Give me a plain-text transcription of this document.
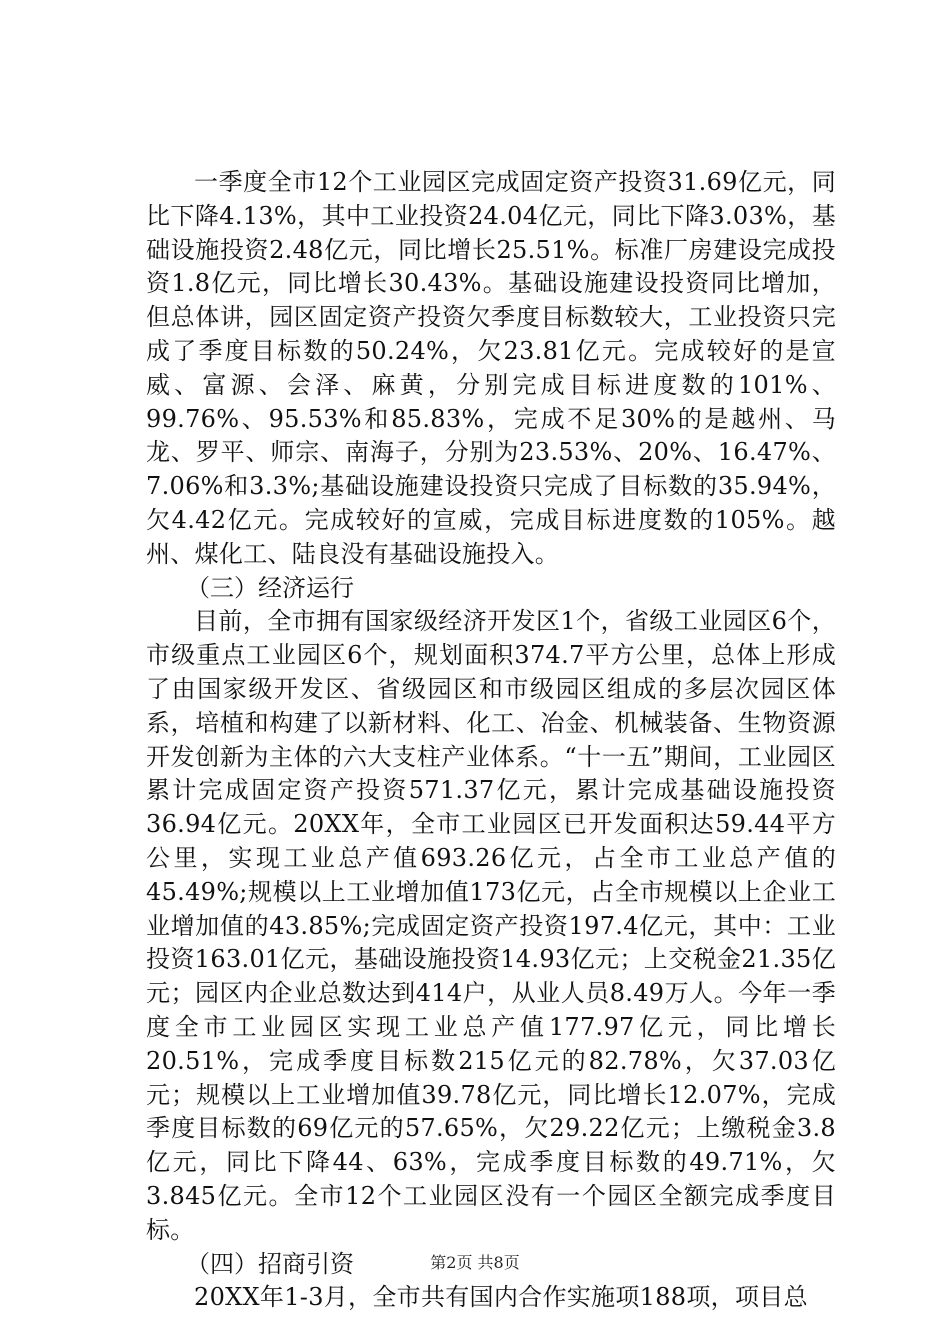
一季度全市12个工业园区完成固定资产投资31.69亿元，同比下降4.13%，其中工业投资24.04亿元，同比下降3.03%，基础设施投资2.48亿元，同比增长25.51%。标准厂房建设完成投资1.8亿元，同比增长30.43%。基础设施建设投资同比增加，但总体讲，园区固定资产投资欠季度目标数较大，工业投资只完成了季度目标数的50.24%，欠23.81亿元。完成较好的是宣威、富源、会泽、麻黄，分别完成目标进度数的101%、99.76%、95.53%和85.83%，完成不足30%的是越州、马龙、罗平、师宗、南海子，分别为23.53%、20%、16.47%、7.06%和3.3%;基础设施建设投资只完成了目标数的35.94%，欠4.42亿元。完成较好的宣威，完成目标进度数的105%。越州、煤化工、陆良没有基础设施投入。

（三）经济运行

目前，全市拥有国家级经济开发区1个，省级工业园区6个，市级重点工业园区6个，规划面积374.7平方公里，总体上形成了由国家级开发区、省级园区和市级园区组成的多层次园区体系，培植和构建了以新材料、化工、冶金、机械装备、生物资源开发创新为主体的六大支柱产业体系。“十一五”期间，工业园区累计完成固定资产投资571.37亿元，累计完成基础设施投资36.94亿元。20XX年，全市工业园区已开发面积达59.44平方公里，实现工业总产值693.26亿元，占全市工业总产值的45.49%;规模以上工业增加值173亿元，占全市规模以上企业工业增加值的43.85%;完成固定资产投资197.4亿元，其中：工业投资163.01亿元，基础设施投资14.93亿元；上交税金21.35亿元；园区内企业总数达到414户，从业人员8.49万人。今年一季度全市工业园区实现工业总产值177.97亿元，同比增长20.51%，完成季度目标数215亿元的82.78%，欠37.03亿元；规模以上工业增加值39.78亿元，同比增长12.07%，完成季度目标数的69亿元的57.65%，欠29.22亿元；上缴税金3.8亿元，同比下降44、63%，完成季度目标数的49.71%，欠3.845亿元。全市12个工业园区没有一个园区全额完成季度目标。

（四）招商引资

20XX年1-3月，全市共有国内合作实施项188项，项目总

第2页 共8页
